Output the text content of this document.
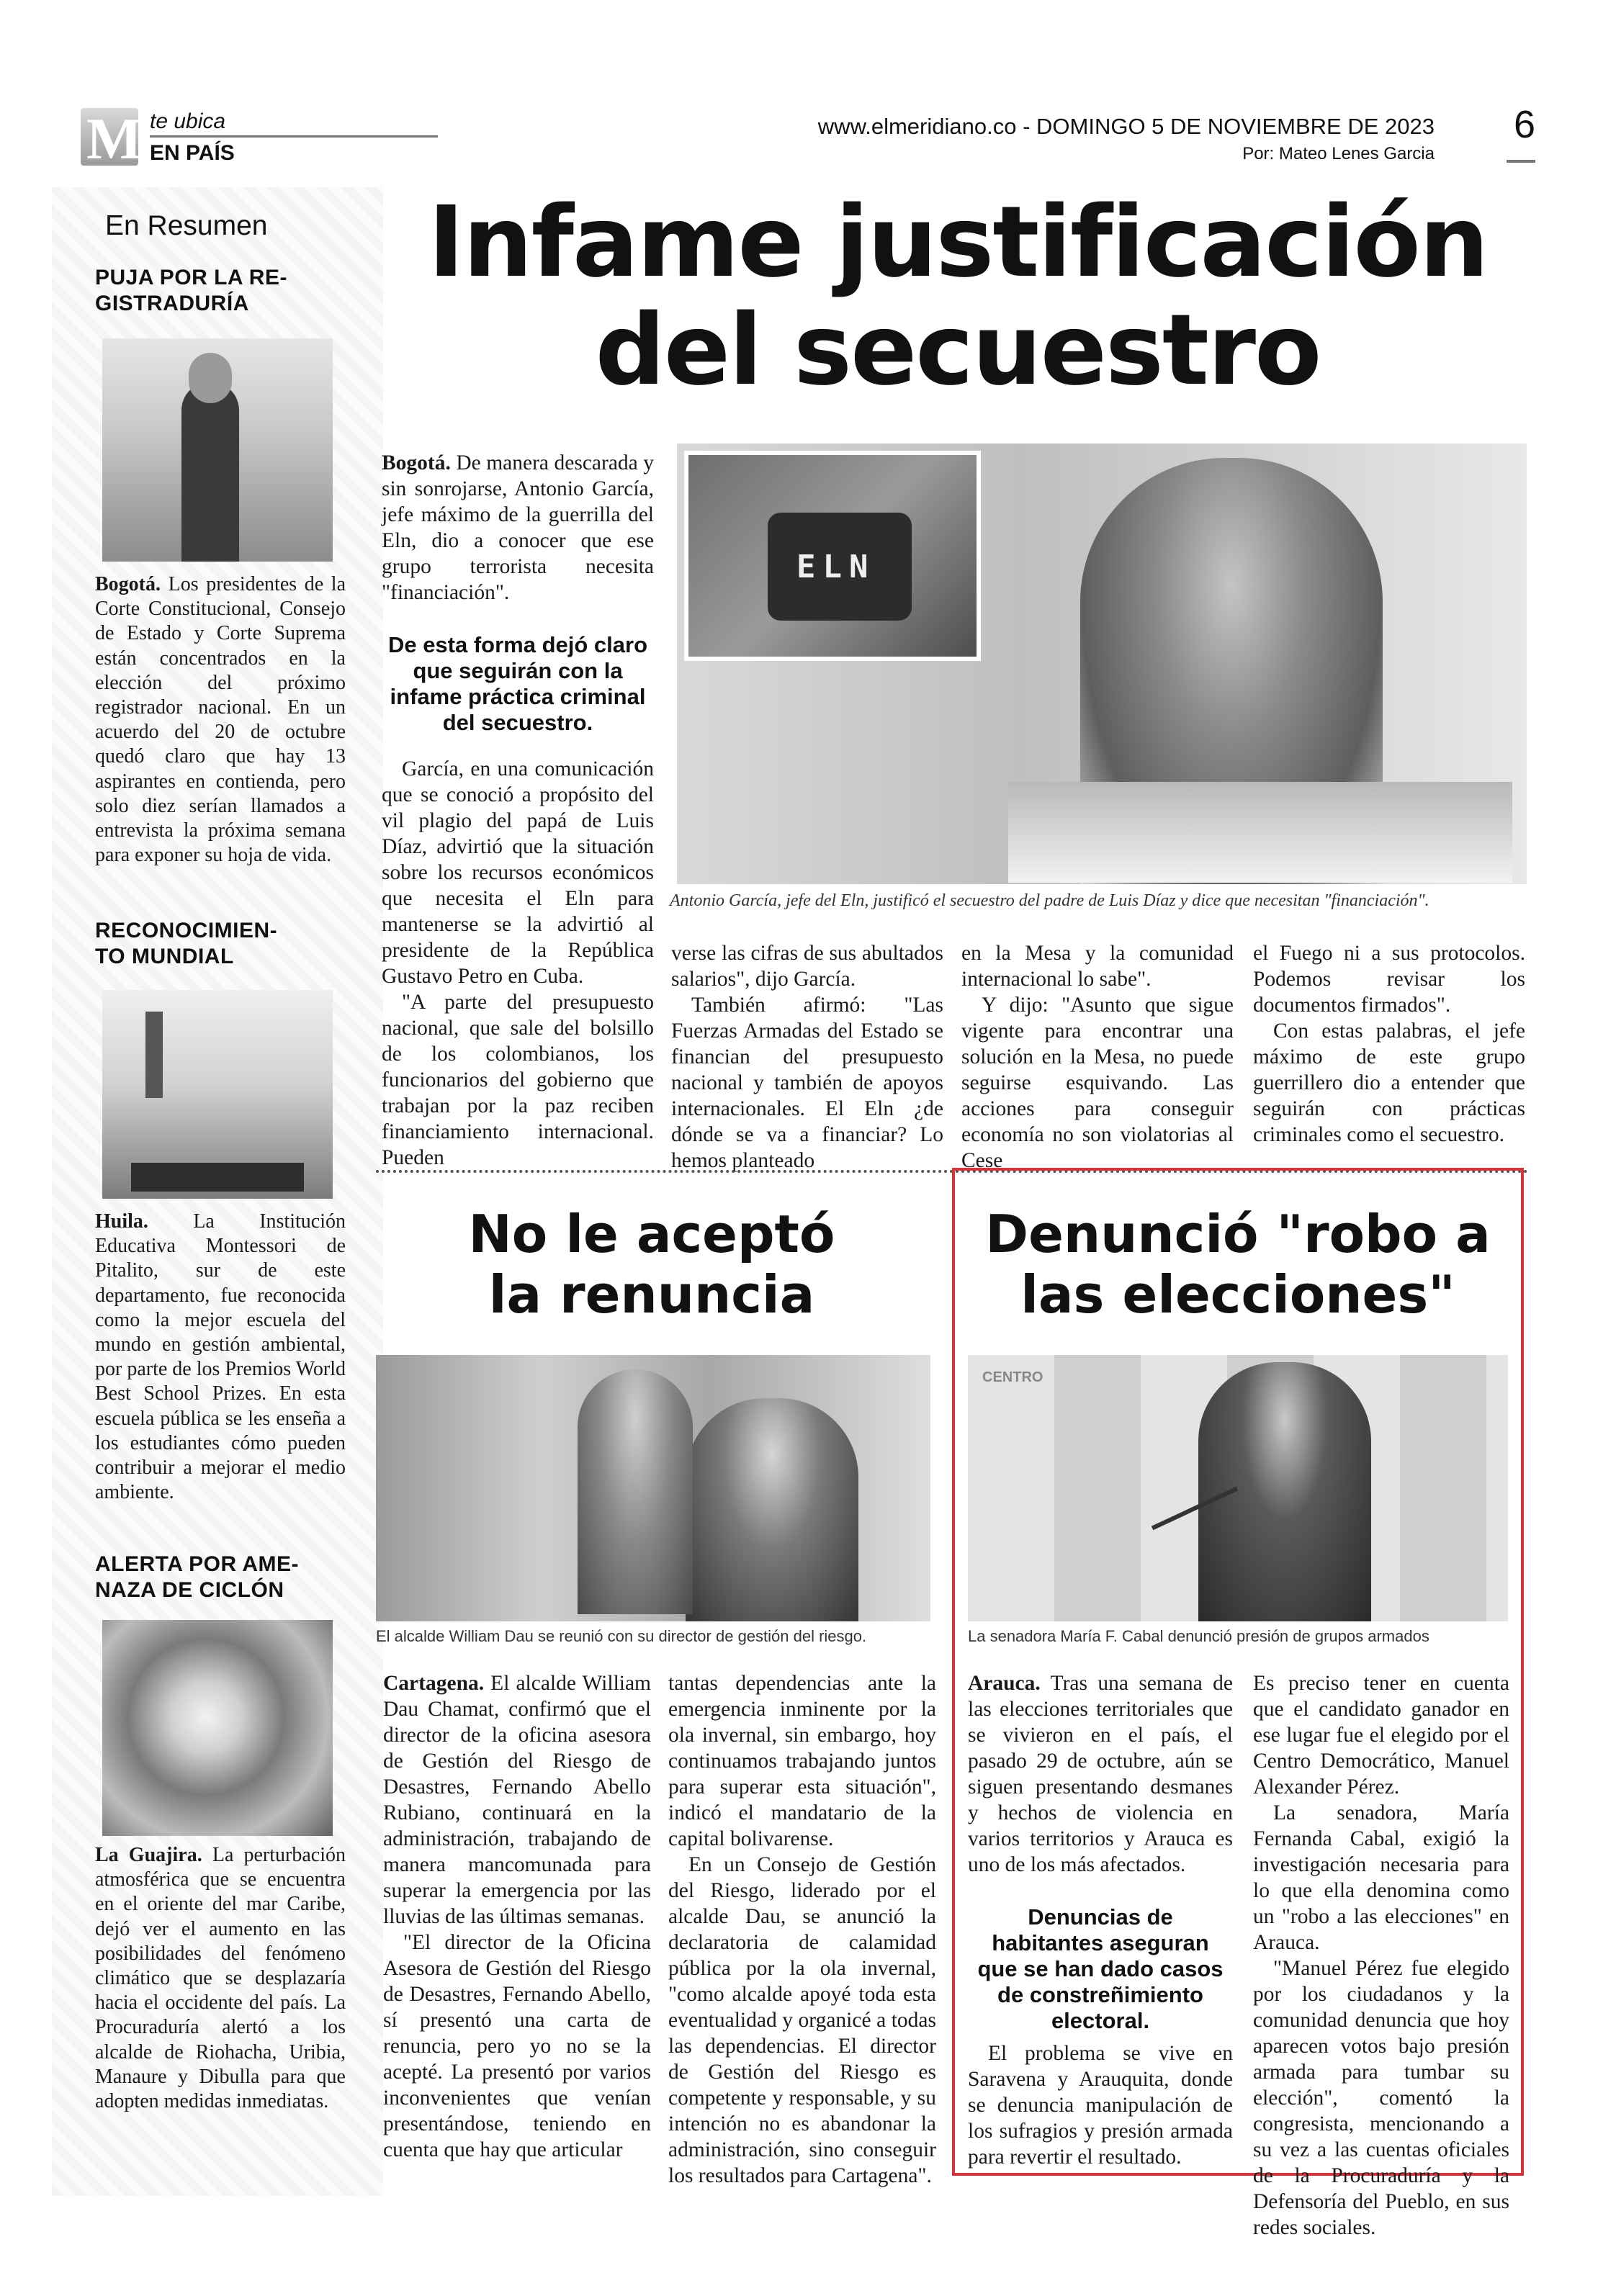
M te ubica
EN PAÍS
www.elmeridiano.co - DOMINGO 5 DE NOVIEMBRE DE 2023
Por: Mateo Lenes Garcia
6
En Resumen
PUJA POR LA RE-
GISTRADURÍA

Bogotá. Los presidentes de la Corte Constitucional, Consejo de Estado y Corte Suprema están concentrados en la elección del próximo registrador nacional. En un acuerdo del 20 de octubre quedó claro que hay 13 aspirantes en contienda, pero solo diez serían llamados a entrevista la próxima semana para exponer su hoja de vida.

RECONOCIMIEN-
TO MUNDIAL

Huila. La Institución Educativa Montessori de Pitalito, sur de este departamento, fue reconocida como la mejor escuela del mundo en gestión ambiental, por parte de los Premios World Best School Prizes. En esta escuela pública se les enseña a los estudiantes cómo pueden contribuir a mejorar el medio ambiente.

ALERTA POR AME-
NAZA DE CICLÓN

La Guajira. La perturbación atmosférica que se encuentra en el oriente del mar Caribe, dejó ver el aumento en las posibilidades del fenómeno climático que se desplazaría hacia el occidente del país. La Procuraduría alertó a los alcalde de Riohacha, Uribia, Manaure y Dibulla para que adopten medidas inmediatas.

Infame justificación
del secuestro

Bogotá. De manera descarada y sin sonrojarse, Antonio García, jefe máximo de la guerrilla del Eln, dio a conocer que ese grupo terrorista necesita "financiación".

De esta forma dejó claro que seguirán con la infame práctica criminal del secuestro.

García, en una comunicación que se conoció a propósito del vil plagio del papá de Luis Díaz, advirtió que la situación sobre los recursos económicos que necesita el Eln para mantenerse se la advirtió al presidente de la República Gustavo Petro en Cuba.

"A parte del presupuesto nacional, que sale del bolsillo de los colombianos, los funcionarios del gobierno que trabajan por la paz reciben financiamiento internacional. Pueden

ELN
Antonio García, jefe del Eln, justificó el secuestro del padre de Luis Díaz y dice que necesitan "financiación".

verse las cifras de sus abultados salarios", dijo García.

También afirmó: "Las Fuerzas Armadas del Estado se financian del presupuesto nacional y también de apoyos internacionales. El Eln ¿de dónde se va a financiar? Lo hemos planteado

en la Mesa y la comunidad internacional lo sabe".

Y dijo: "Asunto que sigue vigente para encontrar una solución en la Mesa, no puede seguirse esquivando. Las acciones para conseguir economía no son violatorias al Cese

el Fuego ni a sus protocolos. Podemos revisar los documentos firmados".

Con estas palabras, el jefe máximo de este grupo guerrillero dio a entender que seguirán con prácticas criminales como el secuestro.

No le aceptó
la renuncia
El alcalde William Dau se reunió con su director de gestión del riesgo.

Cartagena. El alcalde William Dau Chamat, confirmó que el director de la oficina asesora de Gestión del Riesgo de Desastres, Fernando Abello Rubiano, continuará en la administración, trabajando de manera mancomunada para superar la emergencia por las lluvias de las últimas semanas.

"El director de la Oficina Asesora de Gestión del Riesgo de Desastres, Fernando Abello, sí presentó una carta de renuncia, pero yo no se la acepté. La presentó por varios inconvenientes que venían presentándose, teniendo en cuenta que hay que articular

tantas dependencias ante la emergencia inminente por la ola invernal, sin embargo, hoy continuamos trabajando juntos para superar esta situación", indicó el mandatario de la capital bolivarense.

En un Consejo de Gestión del Riesgo, liderado por el alcalde Dau, se anunció la declaratoria de calamidad pública por la ola invernal, "como alcalde apoyé toda esta eventualidad y organicé a todas las dependencias. El director de Gestión del Riesgo es competente y responsable, y su intención no es abandonar la administración, sino conseguir los resultados para Cartagena".

Denunció "robo a
las elecciones"
CENTRO
La senadora María F. Cabal denunció presión de grupos armados

Arauca. Tras una semana de las elecciones territoriales que se vivieron en el país, el pasado 29 de octubre, aún se siguen presentando desmanes y hechos de violencia en varios territorios y Arauca es uno de los más afectados.

Denuncias de habitantes aseguran que se han dado casos de constreñimiento electoral.

El problema se vive en Saravena y Arauquita, donde se denuncia manipulación de los sufragios y presión armada para revertir el resultado.

Es preciso tener en cuenta que el candidato ganador en ese lugar fue el elegido por el Centro Democrático, Manuel Alexander Pérez.

La senadora, María Fernanda Cabal, exigió la investigación necesaria para lo que ella denomina como un "robo a las elecciones" en Arauca.

"Manuel Pérez fue elegido por los ciudadanos y la comunidad denuncia que hoy aparecen votos bajo presión armada para tumbar su elección", comentó la congresista, mencionando a su vez a las cuentas oficiales de la Procuraduría y la Defensoría del Pueblo, en sus redes sociales.
